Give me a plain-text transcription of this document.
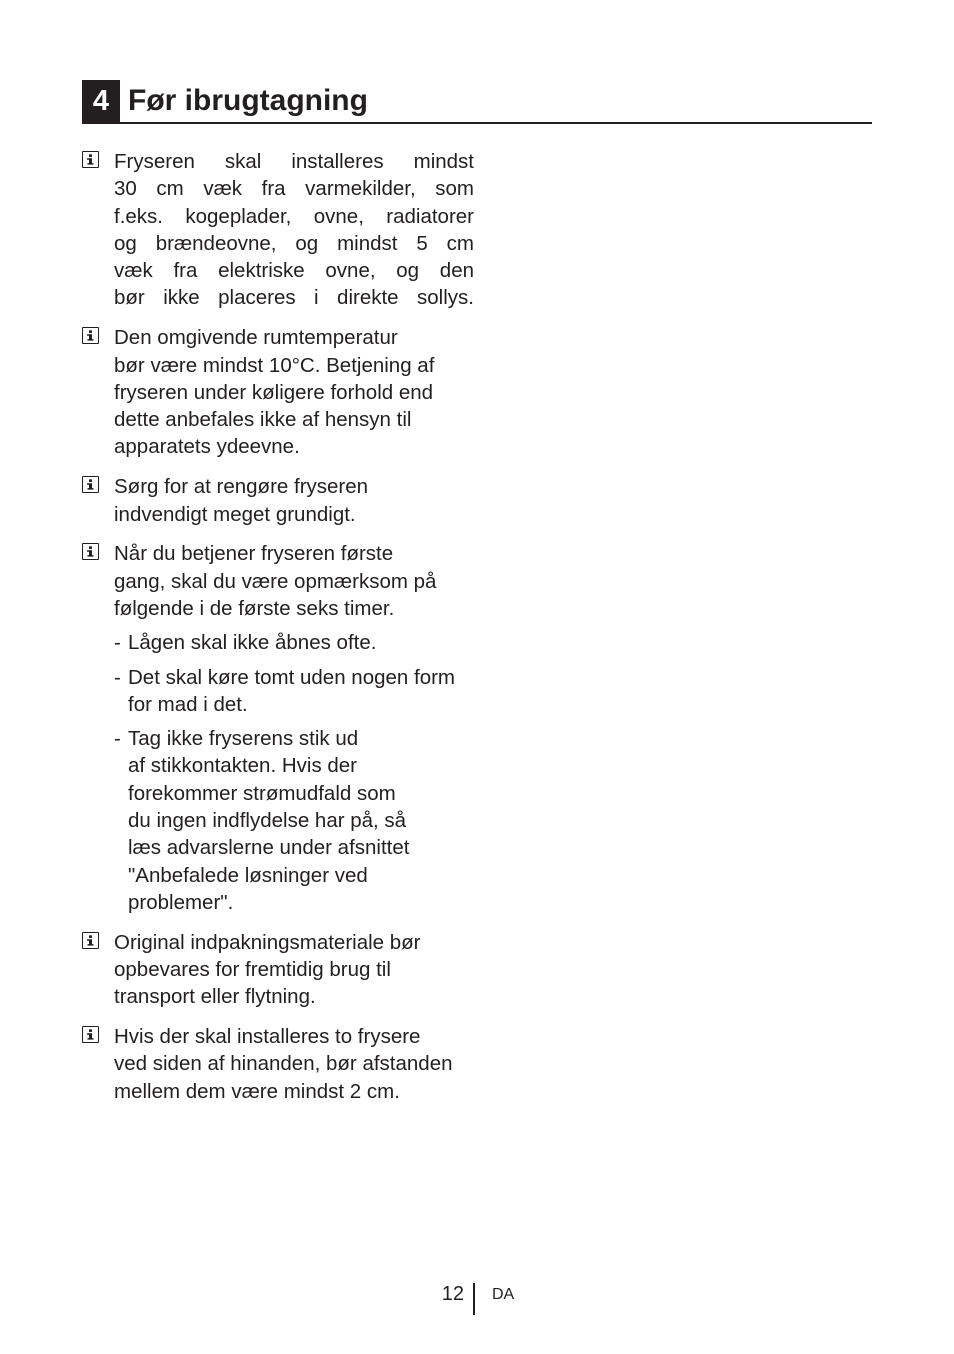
4 Før ibrugtagning
Fryseren skal installeres mindst
30 cm væk fra varmekilder, som
f.eks. kogeplader, ovne, radiatorer
og brændeovne, og mindst 5 cm
væk fra elektriske ovne, og den
bør ikke placeres i direkte sollys.
Den omgivende rumtemperatur
bør være mindst 10°C. Betjening af
fryseren under køligere forhold end
dette anbefales ikke af hensyn til
apparatets ydeevne.
Sørg for at rengøre fryseren
indvendigt meget grundigt.
Når du betjener fryseren første
gang, skal du være opmærksom på
følgende i de første seks timer.
- Lågen skal ikke åbnes ofte.
- Det skal køre tomt uden nogen form
for mad i det.
- Tag ikke fryserens stik ud
af stikkontakten. Hvis der
forekommer strømudfald som
du ingen indflydelse har på, så
læs advarslerne under afsnittet
"Anbefalede løsninger ved
problemer".
Original indpakningsmateriale bør
opbevares for fremtidig brug til
transport eller flytning.
Hvis der skal installeres to frysere
ved siden af hinanden, bør afstanden
mellem dem være mindst 2 cm.
12 DA
